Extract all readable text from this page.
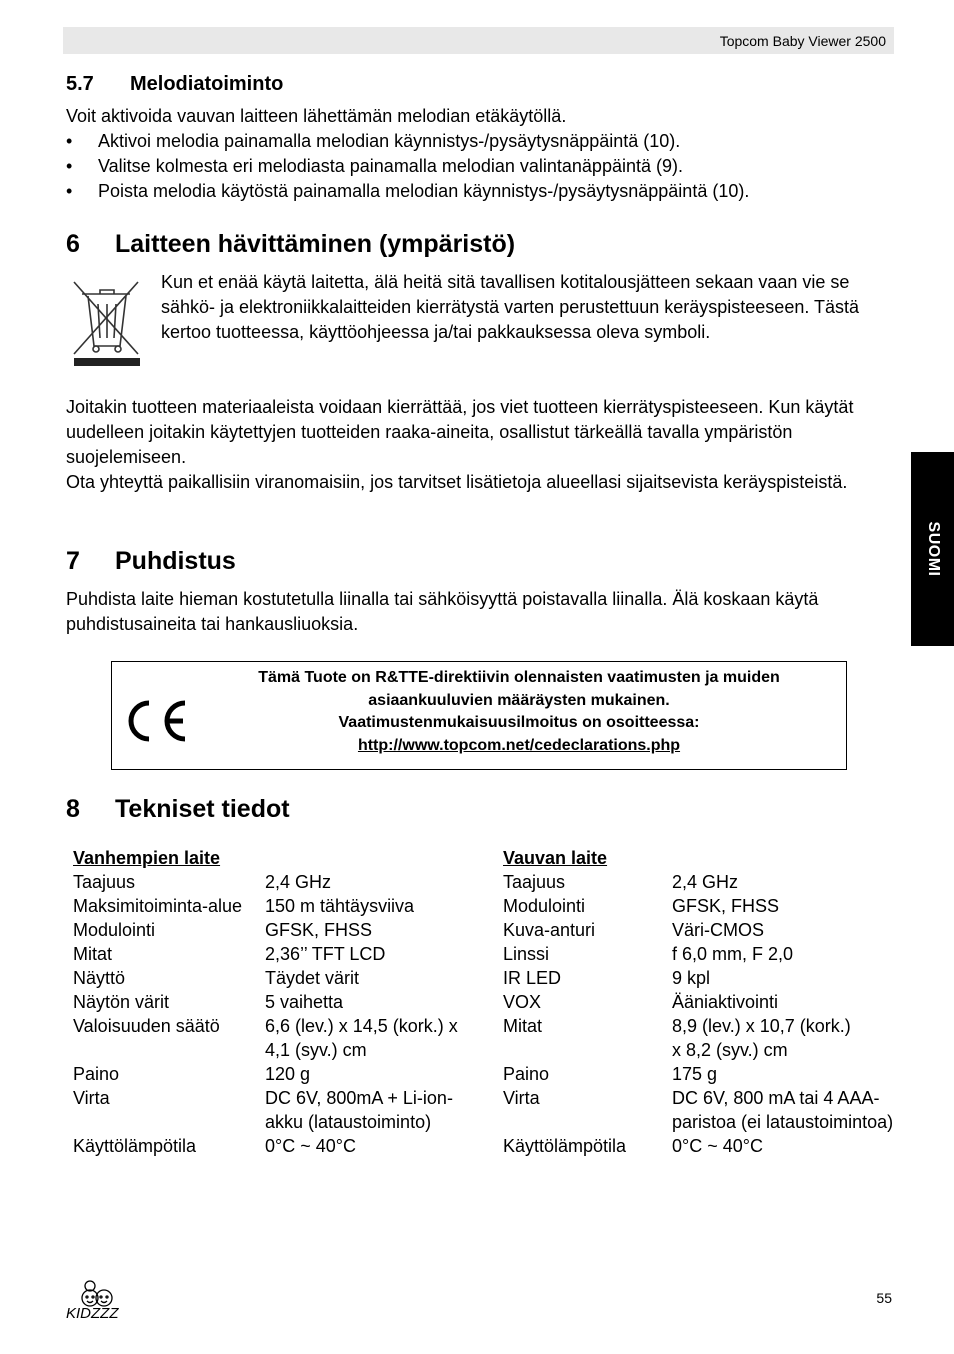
Topcom Baby Viewer 2500
SUOMI
5.7 Melodiatoiminto
Voit aktivoida vauvan laitteen lähettämän melodian etäkäytöllä.
• Aktivoi melodia painamalla melodian käynnistys-/pysäytysnäppäintä (10).
• Valitse kolmesta eri melodiasta painamalla melodian valintanäppäintä (9).
• Poista melodia käytöstä painamalla melodian käynnistys-/pysäytysnäppäintä (10).
6 Laitteen hävittäminen (ympäristö)
Kun et enää käytä laitetta, älä heitä sitä tavallisen kotitalousjätteen sekaan vaan vie se sähkö- ja elektroniikkalaitteiden kierrätystä varten perustettuun keräyspisteeseen. Tästä kertoo tuotteessa, käyttöohjeessa ja/tai pakkauksessa oleva symboli.
Joitakin tuotteen materiaaleista voidaan kierrättää, jos viet tuotteen kierrätyspisteeseen. Kun käytät uudelleen joitakin käytettyjen tuotteiden raaka-aineita, osallistut tärkeällä tavalla ympäristön suojelemiseen.
Ota yhteyttä paikallisiin viranomaisiin, jos tarvitset lisätietoja alueellasi sijaitsevista keräyspisteistä.
7 Puhdistus
Puhdista laite hieman kostutetulla liinalla tai sähköisyyttä poistavalla liinalla. Älä koskaan käytä puhdistusaineita tai hankausliuoksia.
Tämä Tuote on R&TTE-direktiivin olennaisten vaatimusten ja muiden
asiaankuuluvien määräysten mukainen.
Vaatimustenmukaisuusilmoitus on osoitteessa:
http://www.topcom.net/cedeclarations.php
8 Tekniset tiedot
Vanhempien laite
Taajuus	2,4 GHz
Maksimitoiminta-alue 150 m tähtäysviiva
Modulointi	GFSK, FHSS
Mitat	2,36’’ TFT LCD
Näyttö	Täydet värit
Näytön värit	5 vaihetta
Valoisuuden säätö	6,6 (lev.) x 14,5 (kork.) x
4,1 (syv.) cm
Paino	120 g
Virta	DC 6V, 800mA + Li-ion-
akku (lataustoiminto)
Käyttölämpötila	0°C ~ 40°C
Vauvan laite
Taajuus	2,4 GHz
Modulointi	GFSK, FHSS
Kuva-anturi	Väri-CMOS
Linssi	f 6,0 mm, F 2,0
IR LED	9 kpl
VOX	Ääniaktivointi
Mitat	8,9 (lev.) x 10,7 (kork.)
x 8,2 (syv.) cm
Paino	175 g
Virta	DC 6V, 800 mA tai 4 AAA-
paristoa (ei lataustoimintoa)
Käyttölämpötila	0°C ~ 40°C
KIDZZZ
55
